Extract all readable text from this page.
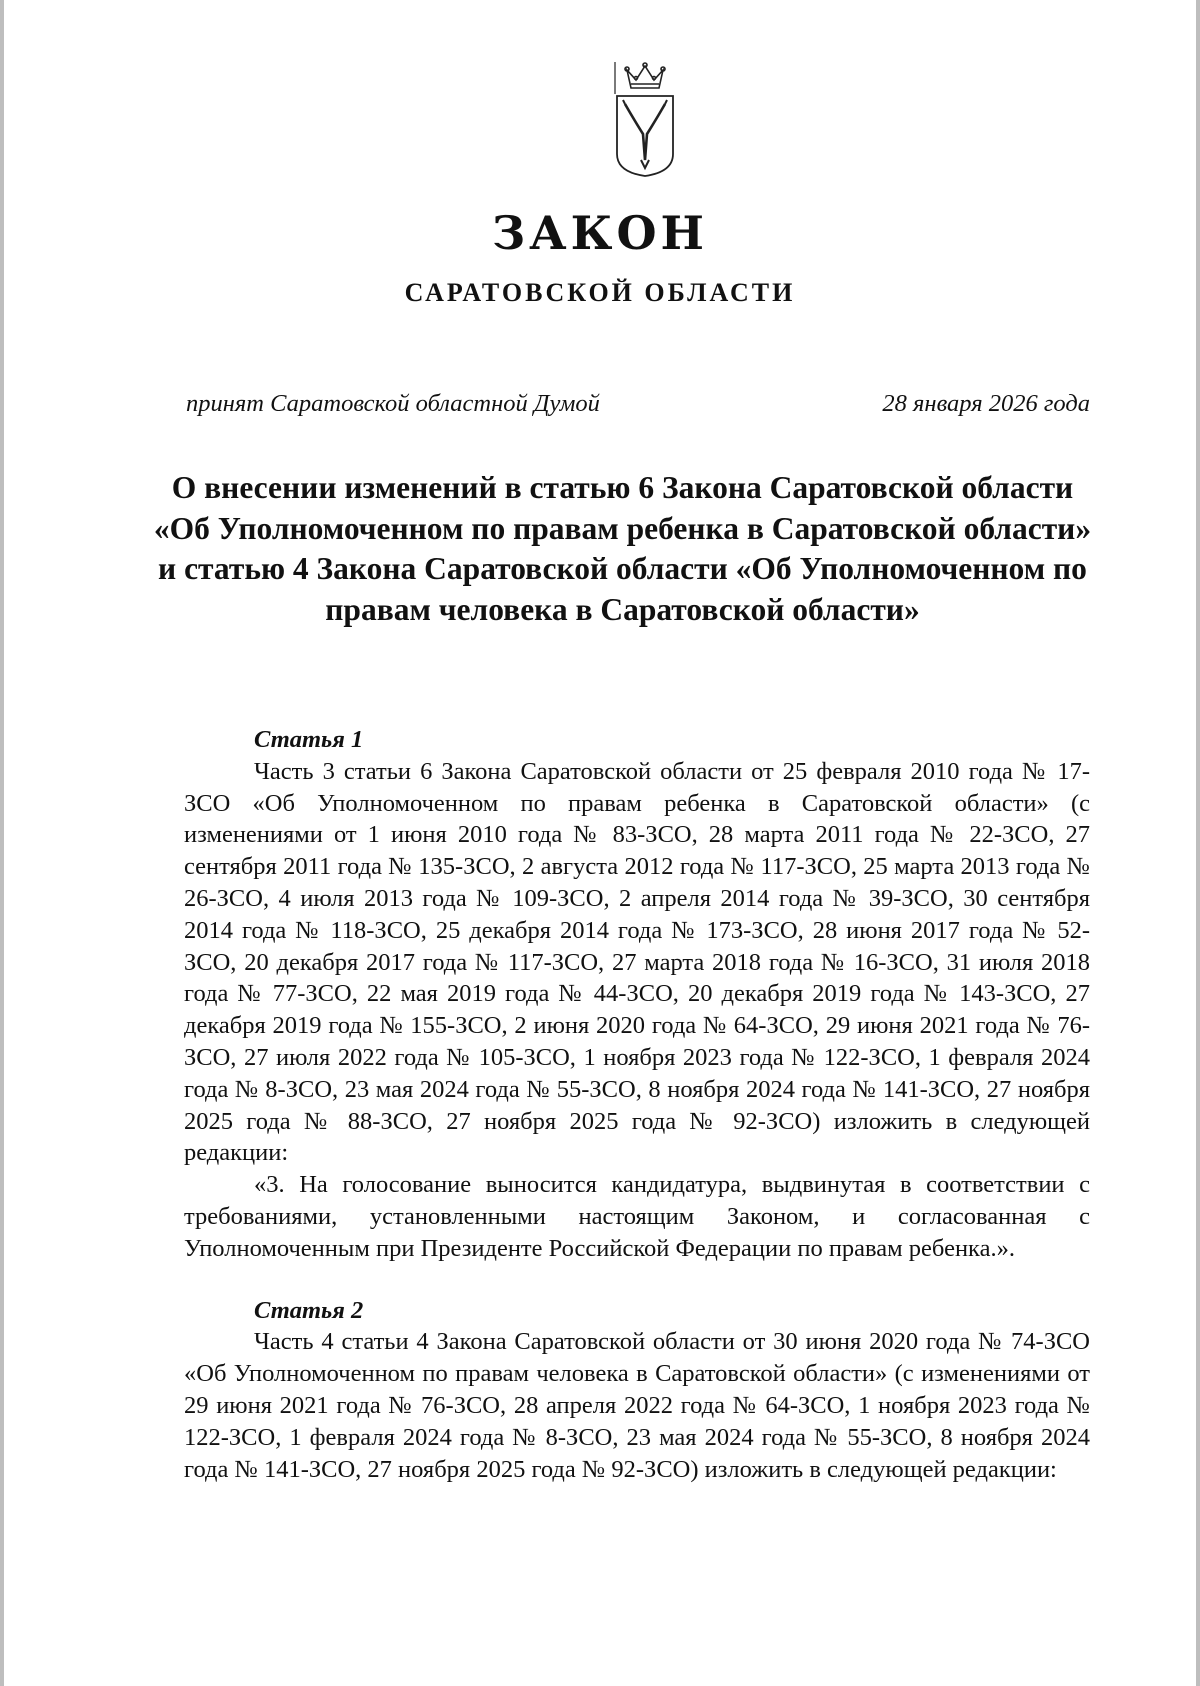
ЗАКОН
САРАТОВСКОЙ ОБЛАСТИ
принят Саратовской областной Думой	28 января 2026 года
О внесении изменений в статью 6 Закона Саратовской области «Об Уполномоченном по правам ребенка в Саратовской области» и статью 4 Закона Саратовской области «Об Уполномоченном по правам человека в Саратовской области»

Статья 1

Часть 3 статьи 6 Закона Саратовской области от 25 февраля 2010 года № 17-ЗСО «Об Уполномоченном по правам ребенка в Саратовской области» (с изменениями от 1 июня 2010 года № 83-ЗСО, 28 марта 2011 года № 22-ЗСО, 27 сентября 2011 года № 135-ЗСО, 2 августа 2012 года № 117-ЗСО, 25 марта 2013 года № 26-ЗСО, 4 июля 2013 года № 109-ЗСО, 2 апреля 2014 года № 39-ЗСО, 30 сентября 2014 года № 118-ЗСО, 25 декабря 2014 года № 173-ЗСО, 28 июня 2017 года № 52-ЗСО, 20 декабря 2017 года № 117-ЗСО, 27 марта 2018 года № 16-ЗСО, 31 июля 2018 года № 77-ЗСО, 22 мая 2019 года № 44-ЗСО, 20 декабря 2019 года № 143-ЗСО, 27 декабря 2019 года № 155-ЗСО, 2 июня 2020 года № 64-ЗСО, 29 июня 2021 года № 76-ЗСО, 27 июля 2022 года № 105-ЗСО, 1 ноября 2023 года № 122-ЗСО, 1 февраля 2024 года № 8-ЗСО, 23 мая 2024 года № 55-ЗСО, 8 ноября 2024 года № 141-ЗСО, 27 ноября 2025 года № 88-ЗСО, 27 ноября 2025 года № 92-ЗСО) изложить в следующей редакции:

«3. На голосование выносится кандидатура, выдвинутая в соответствии с требованиями, установленными настоящим Законом, и согласованная с Уполномоченным при Президенте Российской Федерации по правам ребенка.».

Статья 2

Часть 4 статьи 4 Закона Саратовской области от 30 июня 2020 года № 74-ЗСО «Об Уполномоченном по правам человека в Саратовской области» (с изменениями от 29 июня 2021 года № 76-ЗСО, 28 апреля 2022 года № 64-ЗСО, 1 ноября 2023 года № 122-ЗСО, 1 февраля 2024 года № 8-ЗСО, 23 мая 2024 года № 55-ЗСО, 8 ноября 2024 года № 141-ЗСО, 27 ноября 2025 года № 92-ЗСО) изложить в следующей редакции:
